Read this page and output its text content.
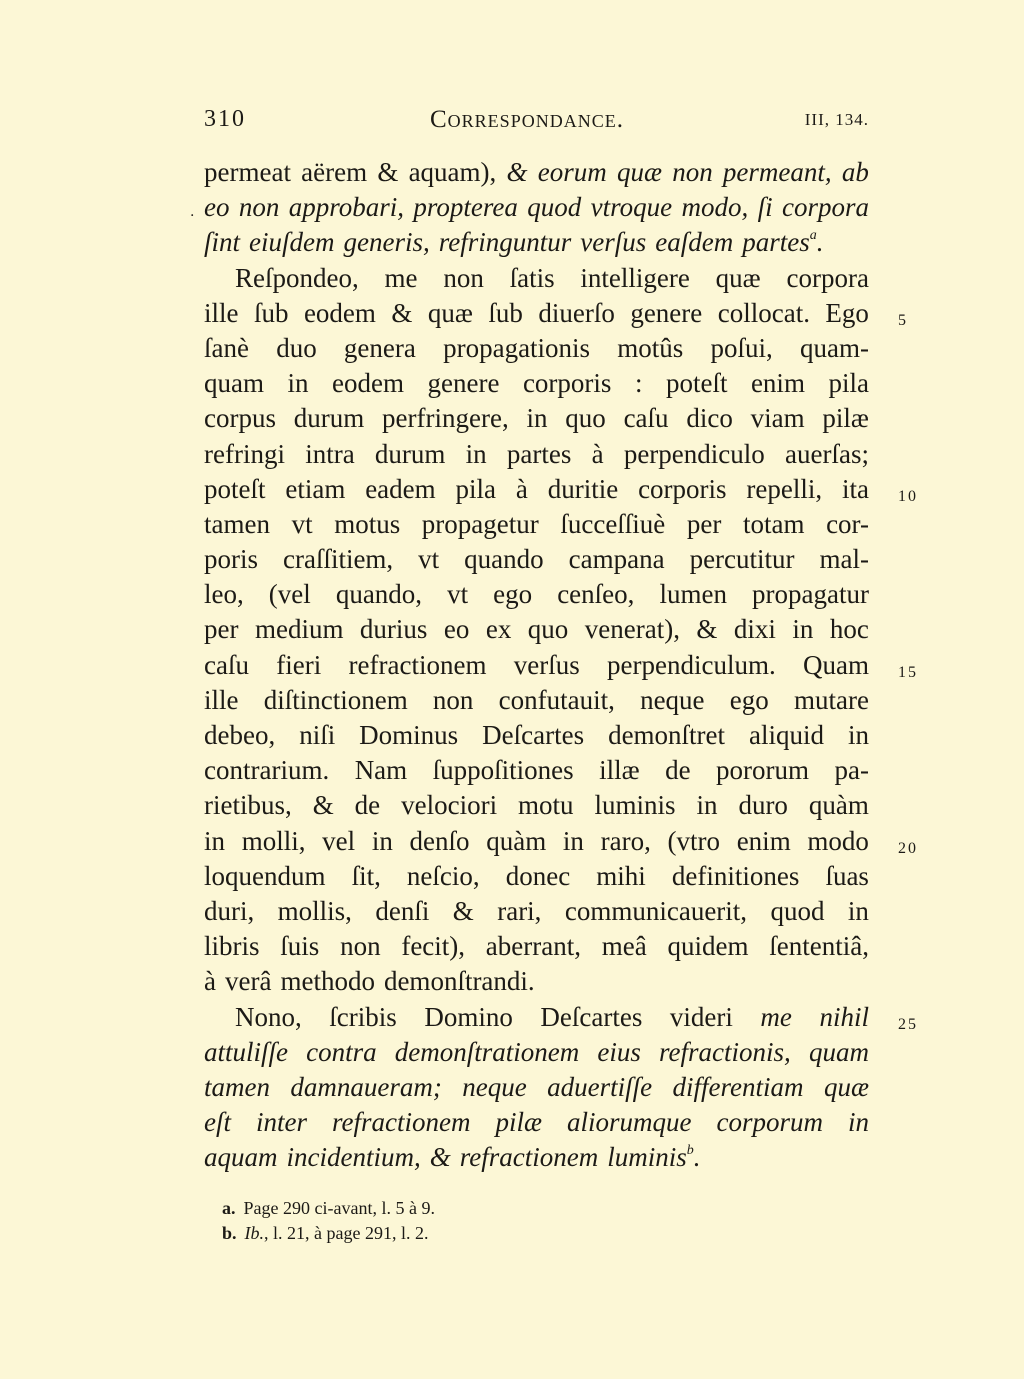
310	Correspondance.	III, 134.
·
permeat aërem & aquam), & eorum quæ non permeant, ab
eo non approbari, propterea quod vtroque modo, ſi corpora
ſint eiuſdem generis, refringuntur verſus eaſdem partes$^a$.
Reſpondeo, me non ſatis intelligere quæ corpora
ille ſub eodem & quæ ſub diuerſo genere collocat. Ego 5
ſanè duo genera propagationis motûs poſui, quam-
quam in eodem genere corporis : poteſt enim pila
corpus durum perfringere, in quo caſu dico viam pilæ
refringi intra durum in partes à perpendiculo auerſas;
poteſt etiam eadem pila à duritie corporis repelli, ita 10
tamen vt motus propagetur ſucceſſiuè per totam cor-
poris craſſitiem, vt quando campana percutitur mal-
leo, (vel quando, vt ego cenſeo, lumen propagatur
per medium durius eo ex quo venerat), & dixi in hoc
caſu fieri refractionem verſus perpendiculum. Quam 15
ille diſtinctionem non confutauit, neque ego mutare
debeo, niſi Dominus Deſcartes demonſtret aliquid in
contrarium. Nam ſuppoſitiones illæ de pororum pa-
rietibus, & de velociori motu luminis in duro quàm
in molli, vel in denſo quàm in raro, (vtro enim modo 20
loquendum ſit, neſcio, donec mihi definitiones ſuas
duri, mollis, denſi & rari, communicauerit, quod in
libris ſuis non fecit), aberrant, meâ quidem ſententiâ,
à verâ methodo demonſtrandi.
Nono, ſcribis Domino Deſcartes videri me nihil 25
attuliſſe contra demonſtrationem eius refractionis, quam
tamen damnaueram; neque aduertiſſe differentiam quæ
eſt inter refractionem pilæ aliorumque corporum in
aquam incidentium, & refractionem luminis$^b$.
a. Page 290 ci-avant, l. 5 à 9.
b. Ib., l. 21, à page 291, l. 2.
